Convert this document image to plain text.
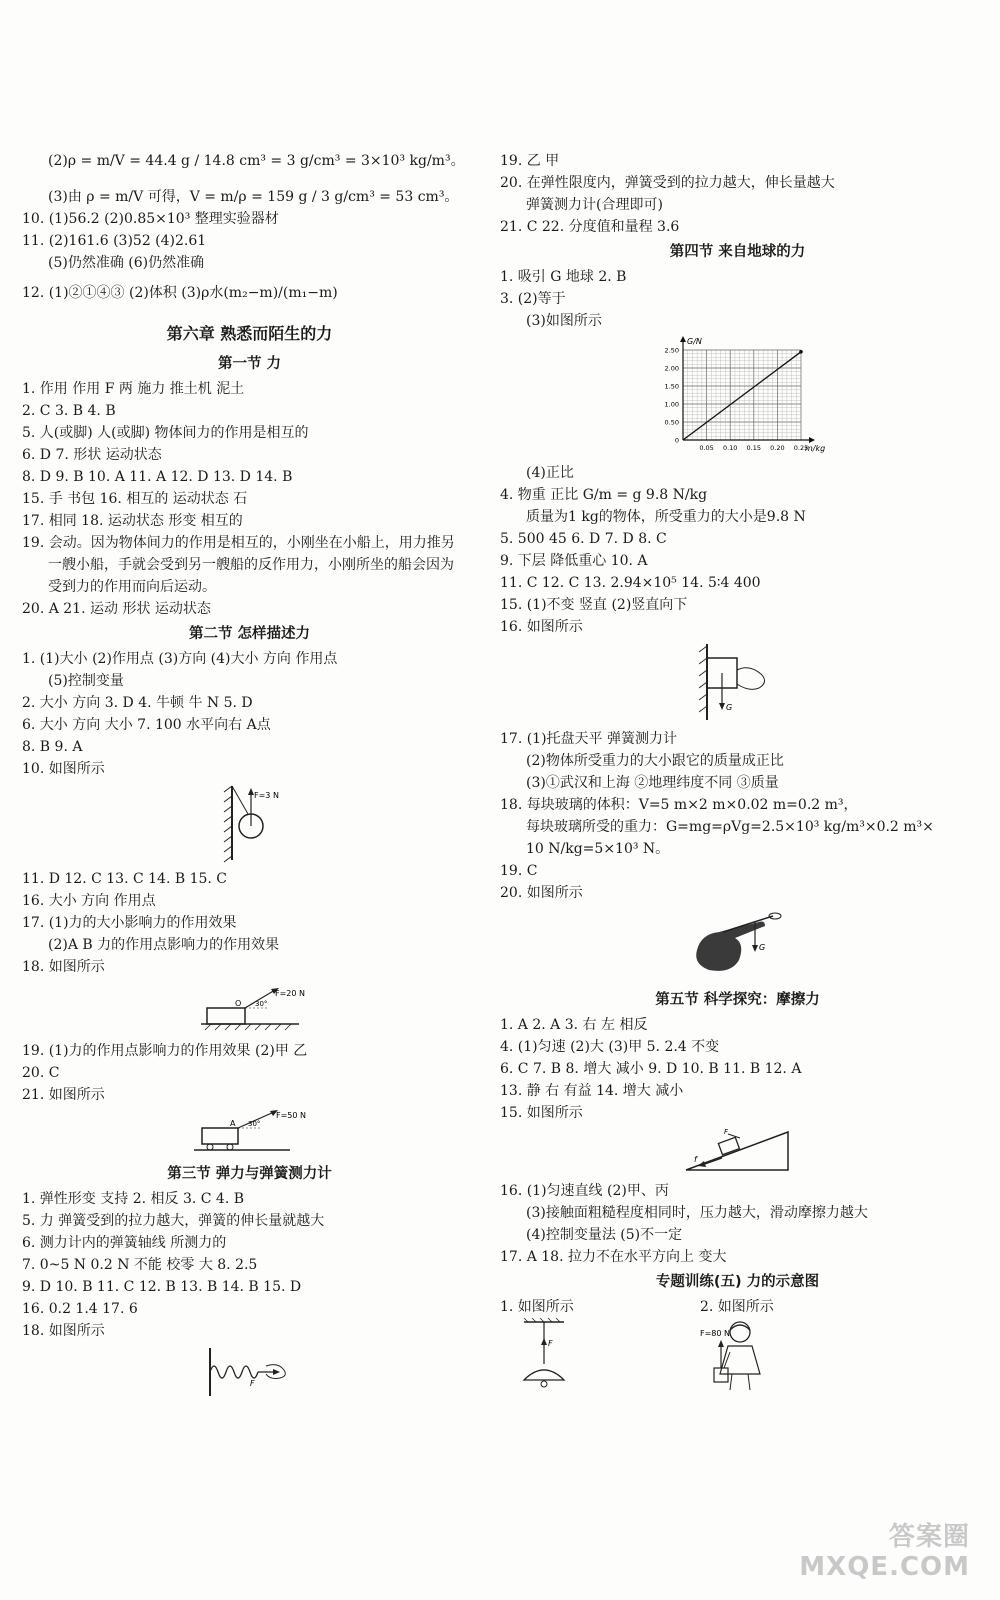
(2)ρ = m/V = 44.4 g / 14.8 cm³ = 3 g/cm³ = 3×10³ kg/m³。
(3)由 ρ = m/V 可得，V = m/ρ = 159 g / 3 g/cm³ = 53 cm³。
10. (1)56.2 (2)0.85×10³ 整理实验器材
11. (2)161.6 (3)52 (4)2.61
(5)仍然准确 (6)仍然准确
12. (1)②①④③ (2)体积 (3)ρ水(m₂−m)/(m₁−m)
第六章 熟悉而陌生的力
第一节 力
1. 作用 作用 F 两 施力 推土机 泥土
2. C 3. B 4. B
5. 人(或脚) 人(或脚) 物体间力的作用是相互的
6. D 7. 形状 运动状态
8. D 9. B 10. A 11. A 12. D 13. D 14. B
15. 手 书包 16. 相互的 运动状态 石
17. 相同 18. 运动状态 形变 相互的
19. 会动。因为物体间力的作用是相互的，小刚坐在小船上，用力推另
一艘小船，手就会受到另一艘船的反作用力，小刚所坐的船会因为
受到力的作用而向后运动。
20. A 21. 运动 形状 运动状态
第二节 怎样描述力
1. (1)大小 (2)作用点 (3)方向 (4)大小 方向 作用点
(5)控制变量
2. 大小 方向 3. D 4. 牛顿 牛 N 5. D
6. 大小 方向 大小 7. 100 水平向右 A点
8. B 9. A
10. 如图所示
F=3 N
11. D 12. C 13. C 14. B 15. C
16. 大小 方向 作用点
17. (1)力的大小影响力的作用效果
(2)A B 力的作用点影响力的作用效果
18. 如图所示
O 30°
F=20 N
19. (1)力的作用点影响力的作用效果 (2)甲 乙
20. C
21. 如图所示
A 30°
F=50 N
第三节 弹力与弹簧测力计
1. 弹性形变 支持 2. 相反 3. C 4. B
5. 力 弹簧受到的拉力越大，弹簧的伸长量就越大
6. 测力计内的弹簧轴线 所测力的
7. 0~5 N 0.2 N 不能 校零 大 8. 2.5
9. D 10. B 11. C 12. B 13. B 14. B 15. D
16. 0.2 1.4 17. 6
18. 如图所示
F
19. 乙 甲
20. 在弹性限度内，弹簧受到的拉力越大，伸长量越大
弹簧测力计(合理即可)
21. C 22. 分度值和量程 3.6
第四节 来自地球的力
1. 吸引 G 地球 2. B
3. (2)等于
(3)如图所示
0.05 0.10 0.15 0.20 0.25
0
0.50
1.00
1.50
2.00
2.50
G/N
m/kg
(4)正比
4. 物重 正比 G/m = g 9.8 N/kg
质量为1 kg的物体，所受重力的大小是9.8 N
5. 500 45 6. D 7. D 8. C
9. 下层 降低重心 10. A
11. C 12. C 13. 2.94×10⁵ 14. 5∶4 400
15. (1)不变 竖直 (2)竖直向下
16. 如图所示
G
17. (1)托盘天平 弹簧测力计
(2)物体所受重力的大小跟它的质量成正比
(3)①武汉和上海 ②地理纬度不同 ③质量
18. 每块玻璃的体积：V=5 m×2 m×0.02 m=0.2 m³，
每块玻璃所受的重力：G=mg=ρVg=2.5×10³ kg/m³×0.2 m³×
10 N/kg=5×10³ N。
19. C
20. 如图所示
G
第五节 科学探究：摩擦力
1. A 2. A 3. 右 左 相反
4. (1)匀速 (2)大 (3)甲 5. 2.4 不变
6. C 7. B 8. 增大 减小 9. D 10. B 11. B 12. A
13. 静 右 有益 14. 增大 减小
15. 如图所示
f
F
16. (1)匀速直线 (2)甲、丙
(3)接触面粗糙程度相同时，压力越大，滑动摩擦力越大
(4)控制变量法 (5)不一定
17. A 18. 拉力不在水平方向上 变大
专题训练(五) 力的示意图
1. 如图所示	2. 如图所示
F
F=80 N
答案圈
MXQE.COM
